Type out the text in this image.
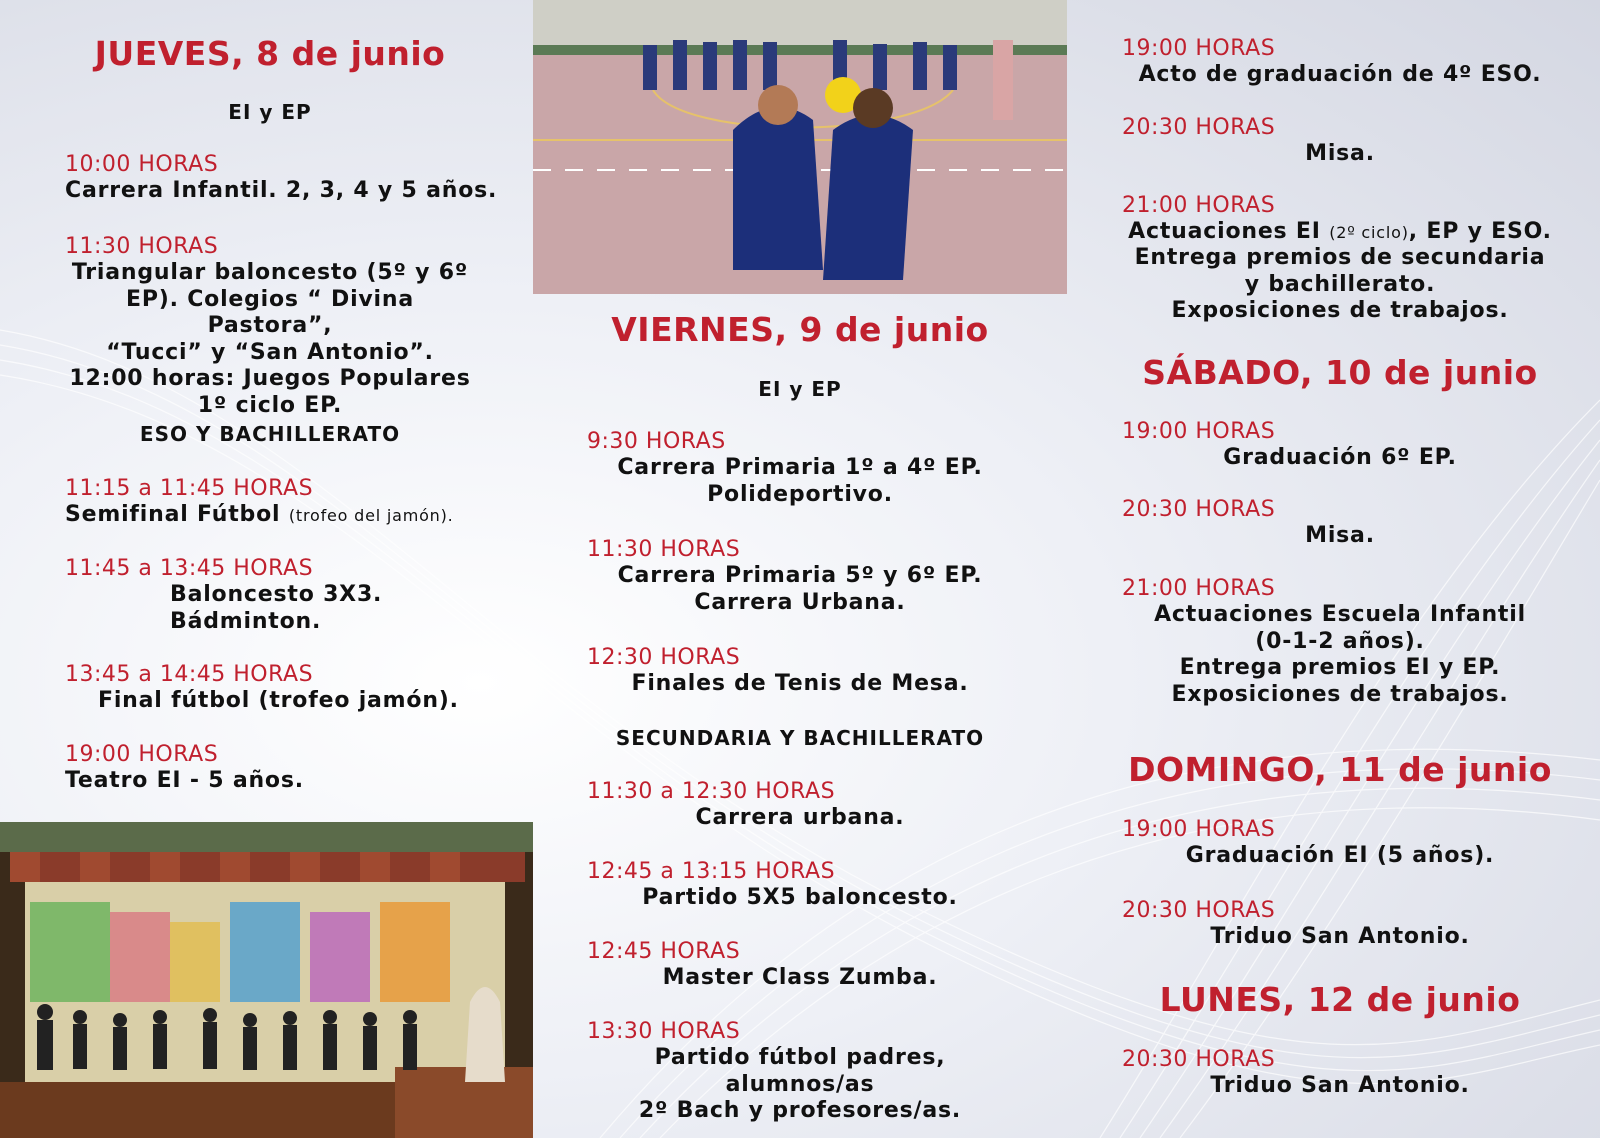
JUEVES, 8 de junio
EI y EP
10:00 HORAS
Carrera Infantil. 2, 3, 4 y 5 años.
11:30 HORAS
Triangular baloncesto (5º y 6º
EP). Colegios “ Divina Pastora”,
“Tucci” y “San Antonio”.
12:00 horas: Juegos Populares
1º ciclo EP.
ESO Y BACHILLERATO
11:15 a 11:45 HORAS
Semifinal Fútbol (trofeo del jamón).
11:45 a 13:45 HORAS
Baloncesto 3X3.
Bádminton.
13:45 a 14:45 HORAS
Final fútbol (trofeo jamón).
19:00 HORAS
Teatro EI - 5 años.
VIERNES, 9 de junio
EI y EP
9:30 HORAS
Carrera Primaria 1º a 4º EP.
Polideportivo.
11:30 HORAS
Carrera Primaria 5º y 6º EP.
Carrera Urbana.
12:30 HORAS
Finales de Tenis de Mesa.
SECUNDARIA Y BACHILLERATO
11:30 a 12:30 HORAS
Carrera urbana.
12:45 a 13:15 HORAS
Partido 5X5 baloncesto.
12:45 HORAS
Master Class Zumba.
13:30 HORAS
Partido fútbol padres, alumnos/as
2º Bach y profesores/as.
19:00 HORAS
Acto de graduación de 4º ESO.
20:30 HORAS
Misa.
21:00 HORAS
Actuaciones EI (2º ciclo), EP y ESO.
Entrega premios de secundaria
y bachillerato.
Exposiciones de trabajos.
SÁBADO, 10 de junio
19:00 HORAS
Graduación 6º EP.
20:30 HORAS
Misa.
21:00 HORAS
Actuaciones Escuela Infantil
(0-1-2 años).
Entrega premios EI y EP.
Exposiciones de trabajos.
DOMINGO, 11 de junio
19:00 HORAS
Graduación EI (5 años).
20:30 HORAS
Triduo San Antonio.
LUNES, 12 de junio
20:30 HORAS
Triduo San Antonio.
